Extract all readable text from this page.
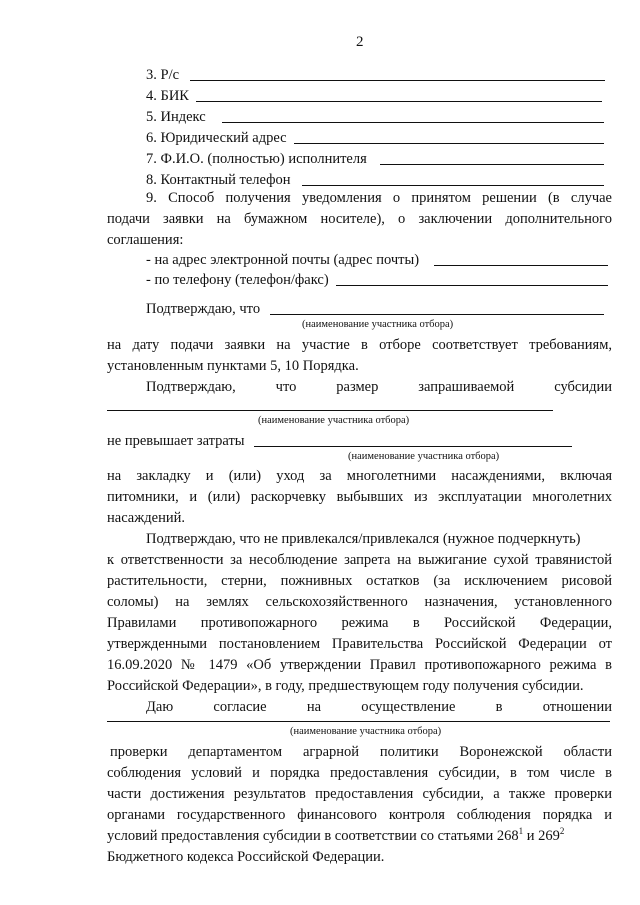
2
3. Р/с
4. БИК
5. Индекс
6. Юридический адрес
7. Ф.И.О. (полностью) исполнителя
8. Контактный телефон
9. Способ получения уведомления о принятом решении (в случае
подачи заявки на бумажном носителе), о заключении дополнительного
соглашения:
- на адрес электронной почты (адрес почты)
- по телефону (телефон/факс)
Подтверждаю, что
(наименование участника отбора)
на дату подачи заявки на участие в отборе соответствует требованиям,
установленным пунктами 5, 10 Порядка.
Подтверждаю, что размер запрашиваемой субсидии
(наименование участника отбора)
не превышает затраты
(наименование участника отбора)
на закладку и (или) уход за многолетними насаждениями, включая
питомники, и (или) раскорчевку выбывших из эксплуатации многолетних
насаждений.
Подтверждаю, что не привлекался/привлекался (нужное подчеркнуть)
к ответственности за несоблюдение запрета на выжигание сухой травянистой
растительности, стерни, пожнивных остатков (за исключением рисовой
соломы) на землях сельскохозяйственного назначения, установленного
Правилами противопожарного режима в Российской Федерации,
утвержденными постановлением Правительства Российской Федерации от
16.09.2020 № 1479 «Об утверждении Правил противопожарного режима в
Российской Федерации», в году, предшествующем году получения субсидии.
Даю согласие на осуществление в отношении
(наименование участника отбора)
проверки департаментом аграрной политики Воронежской области
соблюдения условий и порядка предоставления субсидии, в том числе в
части достижения результатов предоставления субсидии, а также проверки
органами государственного финансового контроля соблюдения порядка и
условий предоставления субсидии в соответствии со статьями $268^1$ и $269^2$
Бюджетного кодекса Российской Федерации.
